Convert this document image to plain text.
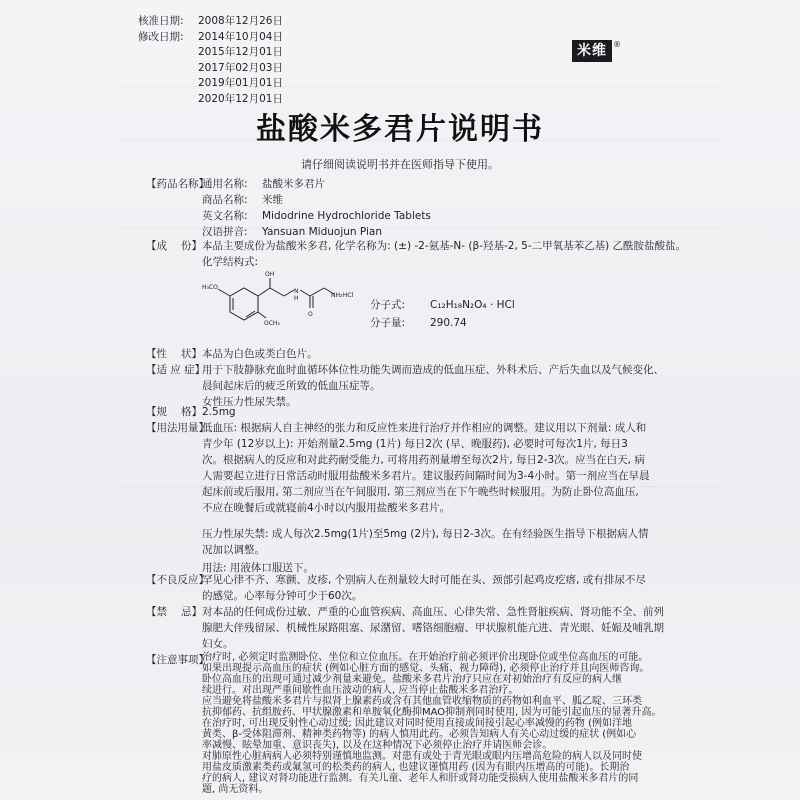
核准日期:	2008年12月26日
修改日期:	2014年10月04日
2015年12月01日
2017年02月03日
2019年01月01日
2020年12月01日
米维 ®
盐酸米多君片说明书
请仔细阅读说明书并在医师指导下使用。
【药品名称】
通用名称:	盐酸米多君片
商品名称:	米维
英文名称:	Midodrine Hydrochloride Tablets
汉语拼音:	Yansuan Miduojun Pian
【成 份】 本品主要成份为盐酸米多君, 化学名称为: (±) -2-氨基-N- (β-羟基-2, 5-二甲氧基苯乙基) 乙酰胺盐酸盐。

化学结构式:

H₃CO
OH
OCH₃
N
H
O
NH₂
·HCl
分子式:	C₁₂H₁₈N₂O₄ · HCl
分子量:	290.74
【性 状】 本品为白色或类白色片。

【适 应 症】

用于下肢静脉充血时血循环体位性功能失调而造成的低血压症、外科术后、产后失血以及气候变化、

晨间起床后的疲乏所致的低血压症等。

女性压力性尿失禁。

【规 格】 2.5mg

【用法用量】

低血压: 根据病人自主神经的张力和反应性来进行治疗并作相应的调整。建议用以下剂量: 成人和

青少年 (12岁以上): 开始剂量2.5mg (1片) 每日2次 (早、晚服药), 必要时可每次1片, 每日3

次。根据病人的反应和对此药耐受能力, 可将用药剂量增至每次2片, 每日2-3次。应当在白天, 病

人需要起立进行日常活动时服用盐酸米多君片。建议服药间隔时间为3-4小时。第一剂应当在早晨

起床前或后服用, 第二剂应当在午间服用, 第三剂应当在下午晚些时候服用。为防止卧位高血压,

不应在晚餐后或就寝前4小时以内服用盐酸米多君片。

压力性尿失禁: 成人每次2.5mg(1片)至5mg (2片), 每日2-3次。在有经验医生指导下根据病人情

况加以调整。

用法: 用液体口服送下。

【不良反应】

罕见心律不齐、寒颤、皮疹, 个别病人在剂量较大时可能在头、颈部引起鸡皮疙瘩, 或有排尿不尽

的感觉。心率每分钟可少于60次。

【禁 忌】 对本品的任何成份过敏、严重的心血管疾病、高血压、心律失常、急性肾脏疾病、肾功能不全、前列

腺肥大伴残留尿、机械性尿路阻塞、尿潴留、嗜铬细胞瘤、甲状腺机能亢进、青光眼、妊娠及哺乳期

妇女。

【注意事项】

治疗时, 必须定时监测卧位、坐位和立位血压。在开始治疗前必须评价出现卧位或坐位高血压的可能。

如果出现提示高血压的症状 (例如心脏方面的感觉、头痛、视力障碍), 必须停止治疗并且向医师咨询。

卧位高血压的出现可通过减少剂量来避免。盐酸米多君片治疗只应在对初始治疗有反应的病人继

续进行。对出现严重间歇性血压波动的病人, 应当停止盐酸米多君治疗。

应当避免将盐酸米多君片与拟肾上腺素药或含有其他血管收缩物质的药物如利血平、胍乙啶、三环类

抗抑郁药、抗组胺药、甲状腺激素和单胺氧化酶抑MAO抑制剂同时使用, 因为可能引起血压的显著升高。

在治疗时, 可出现反射性心动过缓; 因此建议对同时使用直接或间接引起心率减慢的药物 (例如洋地

黄类、β-受体阻滞剂、精神类药物等) 的病人慎用此药。必须告知病人有关心动过缓的症状 (例如心

率减慢、眩晕加重、意识丧失), 以及在这种情况下必须停止治疗并请医师会诊。

对肺原性心脏病病人必须特别谨慎地监测。对患有或处于青光眼或眼内压增高危险的病人以及同时使

用盐皮质激素类药或氟氢可的松类药的病人, 也建议谨慎用药 (因为有眼内压增高的可能)。长期治

疗的病人, 建议对肾功能进行监测。有关儿童、老年人和肝或肾功能受损病人使用盐酸米多君片的同

题, 尚无资料。
